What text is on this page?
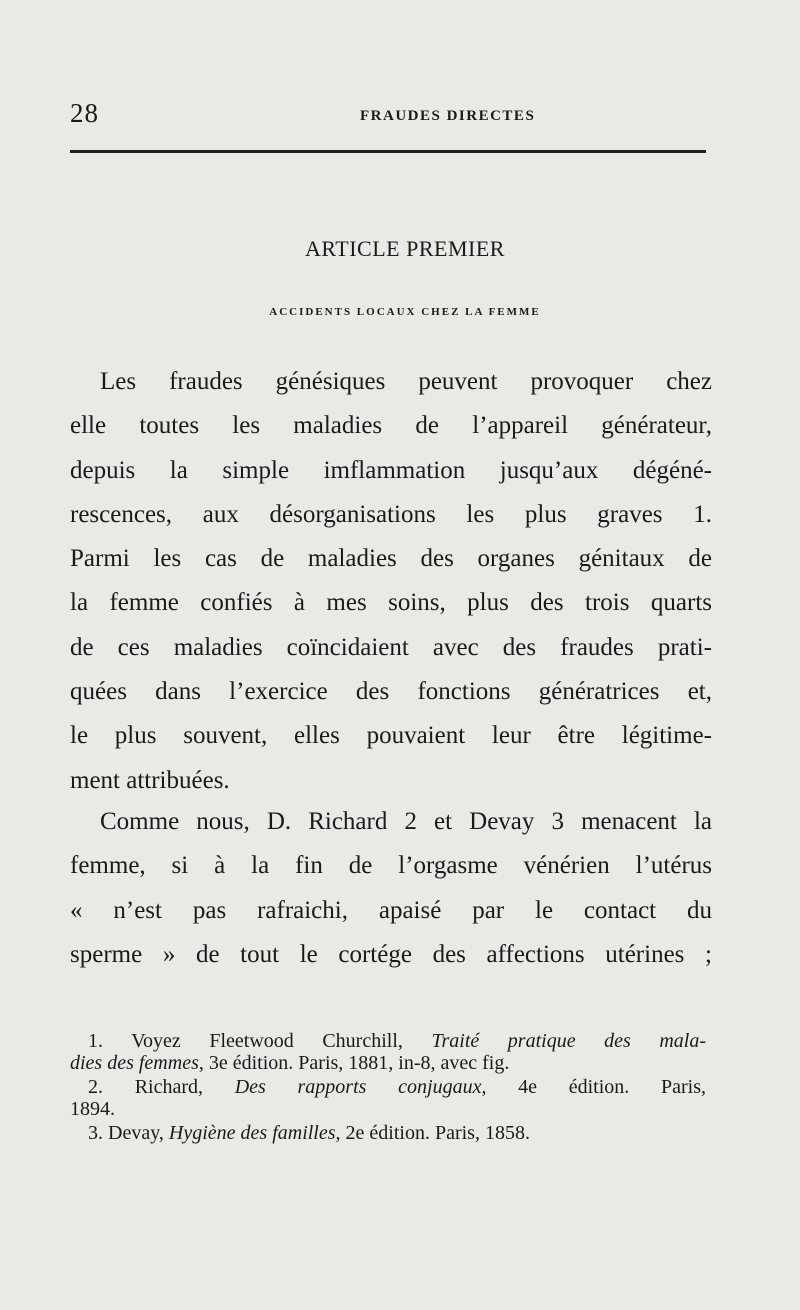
28	FRAUDES DIRECTES
ARTICLE PREMIER
ACCIDENTS LOCAUX CHEZ LA FEMME
Les fraudes génésiques peuvent provoquer chez
elle toutes les maladies de l’appareil générateur,
depuis la simple imflammation jusqu’aux dégéné-
rescences, aux désorganisations les plus graves 1.
Parmi les cas de maladies des organes génitaux de
la femme confiés à mes soins, plus des trois quarts
de ces maladies coïncidaient avec des fraudes prati-
quées dans l’exercice des fonctions génératrices et,
le plus souvent, elles pouvaient leur être légitime-
ment attribuées.
Comme nous, D. Richard 2 et Devay 3 menacent la
femme, si à la fin de l’orgasme vénérien l’utérus
« n’est pas rafraichi, apaisé par le contact du
sperme » de tout le cortége des affections utérines ;
1. Voyez Fleetwood Churchill, Traité pratique des mala-
dies des femmes, 3e édition. Paris, 1881, in-8, avec fig.
2. Richard, Des rapports conjugaux, 4e édition. Paris,
1894.
3. Devay, Hygiène des familles, 2e édition. Paris, 1858.
